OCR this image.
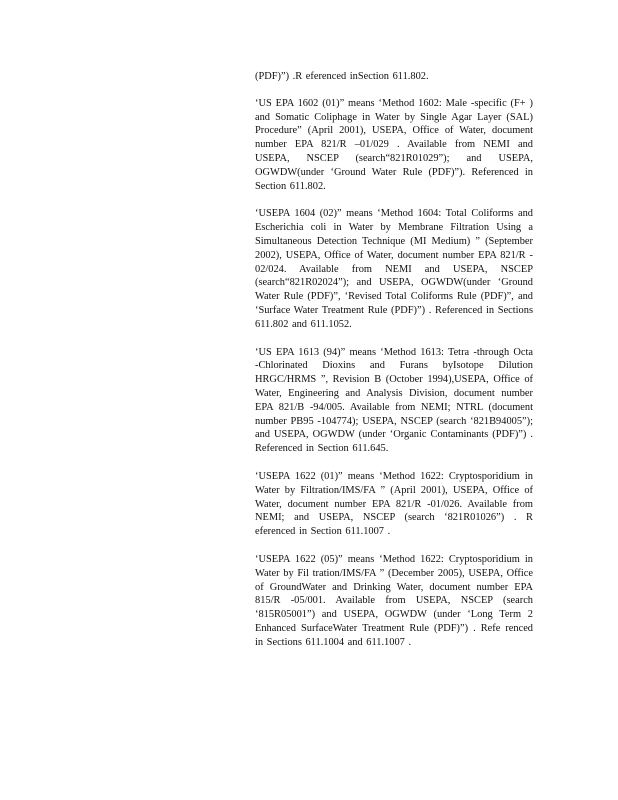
(PDF)”) .R eferenced inSection 611.802.

‘US EPA 1602 (01)” means ‘Method 1602: Male -specific (F+ ) and Somatic Coliphage in Water by Single Agar Layer (SAL) Procedure” (April 2001), USEPA, Office of Water, document number EPA 821/R –01/029 . Available from NEMI and USEPA, NSCEP (search“821R01029”); and USEPA, OGWDW(under ‘Ground Water Rule (PDF)”). Referenced in Section 611.802.

‘USEPA 1604 (02)” means ‘Method 1604: Total Coliforms and Escherichia coli in Water by Membrane Filtration Using a Simultaneous Detection Technique (MI Medium) ” (September 2002), USEPA, Office of Water, document number EPA 821/R - 02/024. Available from NEMI and USEPA, NSCEP (search“821R02024”); and USEPA, OGWDW(under ‘Ground Water Rule (PDF)”, ‘Revised Total Coliforms Rule (PDF)”, and ‘Surface Water Treatment Rule (PDF)”) . Referenced in Sections 611.802 and 611.1052.

‘US EPA 1613 (94)” means ‘Method 1613: Tetra -through Octa -Chlorinated Dioxins and Furans byIsotope Dilution HRGC/HRMS ”, Revision B (October 1994),USEPA, Office of Water, Engineering and Analysis Division, document number EPA 821/B -94/005. Available from NEMI; NTRL (document number PB95 -104774); USEPA, NSCEP (search ‘821B94005”); and USEPA, OGWDW (under ‘Organic Contaminants (PDF)”) . Referenced in Section 611.645.

‘USEPA 1622 (01)” means ‘Method 1622: Cryptosporidium in Water by Filtration/IMS/FA ” (April 2001), USEPA, Office of Water, document number EPA 821/R -01/026. Available from NEMI; and USEPA, NSCEP (search ‘821R01026”) . R eferenced in Section 611.1007 .

‘USEPA 1622 (05)” means ‘Method 1622: Cryptosporidium in Water by Fil tration/IMS/FA ” (December 2005), USEPA, Office of GroundWater and Drinking Water, document number EPA 815/R -05/001. Available from USEPA, NSCEP (search ‘815R05001”) and USEPA, OGWDW (under ‘Long Term 2 Enhanced SurfaceWater Treatment Rule (PDF)”) . Refe renced in Sections 611.1004 and 611.1007 .
